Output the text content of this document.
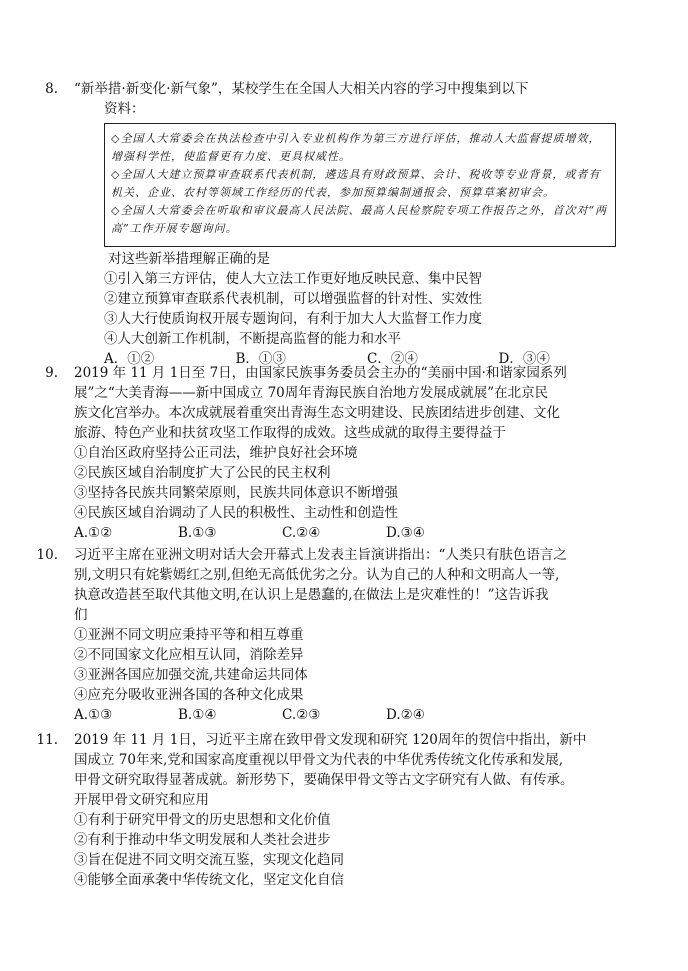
8. “新举措·新变化·新气象”，某校学生在全国人大相关内容的学习中搜集到以下
资料：
◇全国人大常委会在执法检查中引入专业机构作为第三方进行评估，推动人大监督提质增效，
增强科学性，使监督更有力度、更具权威性。
◇全国人大建立预算审查联系代表机制，遴选具有财政预算、会计、税收等专业背景，或者有
机关、企业、农村等领域工作经历的代表，参加预算编制通报会、预算草案初审会。
◇全国人大常委会在听取和审议最高人民法院、最高人民检察院专项工作报告之外，首次对“两
高”工作开展专题询问。
对这些新举措理解正确的是
①引入第三方评估，使人大立法工作更好地反映民意、集中民智
②建立预算审查联系代表机制，可以增强监督的针对性、实效性
③人大行使质询权开展专题询问，有利于加大人大监督工作力度
④人大创新工作机制，不断提高监督的能力和水平
A．①②	B．①③	C．②④	D．③④
9. 2019 年 11 月 1日至 7日，由国家民族事务委员会主办的“美丽中国·和谐家园系列
展”之“大美青海——新中国成立 70周年青海民族自治地方发展成就展”在北京民
族文化宫举办。本次成就展着重突出青海生态文明建设、民族团结进步创建、文化
旅游、特色产业和扶贫攻坚工作取得的成效。这些成就的取得主要得益于
①自治区政府坚持公正司法，维护良好社会环境
②民族区域自治制度扩大了公民的民主权利
③坚持各民族共同繁荣原则，民族共同体意识不断增强
④民族区域自治调动了人民的积极性、主动性和创造性
A.①②	B.①③	C.②④	D.③④
10. 习近平主席在亚洲文明对话大会开幕式上发表主旨演讲指出：“人类只有肤色语言之
别,文明只有姹紫嫣红之别,但绝无高低优劣之分。认为自己的人种和文明高人一等,
执意改造甚至取代其他文明,在认识上是愚蠢的,在做法上是灾难性的！”这告诉我
们
①亚洲不同文明应秉持平等和相互尊重
②不同国家文化应相互认同，消除差异
③亚洲各国应加强交流,共建命运共同体
④应充分吸收亚洲各国的各种文化成果
A.①③	B.①④	C.②③	D.②④
11. 2019 年 11 月 1日，习近平主席在致甲骨文发现和研究 120周年的贺信中指出，新中
国成立 70年来,党和国家高度重视以甲骨文为代表的中华优秀传统文化传承和发展,
甲骨文研究取得显著成就。新形势下，要确保甲骨文等古文字研究有人做、有传承。
开展甲骨文研究和应用
①有利于研究甲骨文的历史思想和文化价值
②有利于推动中华文明发展和人类社会进步
③旨在促进不同文明交流互鉴，实现文化趋同
④能够全面承袭中华传统文化，坚定文化自信
